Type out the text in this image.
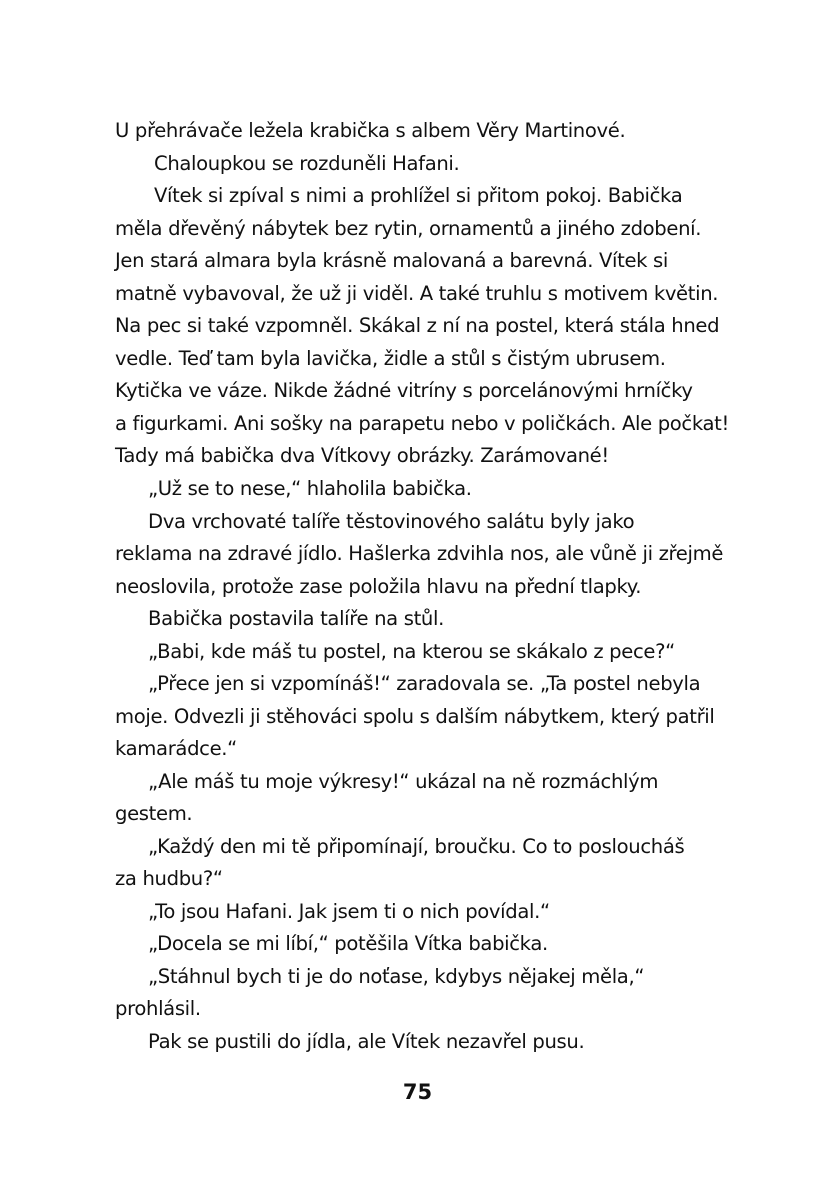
U přehrávače ležela krabička s albem Věry Martinové.
Chaloupkou se rozduněli Hafani.
Vítek si zpíval s nimi a prohlížel si přitom pokoj. Babička
měla dřevěný nábytek bez rytin, ornamentů a jiného zdobení.
Jen stará almara byla krásně malovaná a barevná. Vítek si
matně vybavoval, že už ji viděl. A také truhlu s motivem květin.
Na pec si také vzpomněl. Skákal z ní na postel, která stála hned
vedle. Teď tam byla lavička, židle a stůl s čistým ubrusem.
Kytička ve váze. Nikde žádné vitríny s porcelánovými hrníčky
a figurkami. Ani sošky na parapetu nebo v poličkách. Ale počkat!
Tady má babička dva Vítkovy obrázky. Zarámované!
„Už se to nese,“ hlaholila babička.
Dva vrchovaté talíře těstovinového salátu byly jako
reklama na zdravé jídlo. Hašlerka zdvihla nos, ale vůně ji zřejmě
neoslovila, protože zase položila hlavu na přední tlapky.
Babička postavila talíře na stůl.
„Babi, kde máš tu postel, na kterou se skákalo z pece?“
„Přece jen si vzpomínáš!“ zaradovala se. „Ta postel nebyla
moje. Odvezli ji stěhováci spolu s dalším nábytkem, který patřil
kamarádce.“
„Ale máš tu moje výkresy!“ ukázal na ně rozmáchlým
gestem.
„Každý den mi tě připomínají, broučku. Co to posloucháš
za hudbu?“
„To jsou Hafani. Jak jsem ti o nich povídal.“
„Docela se mi líbí,“ potěšila Vítka babička.
„Stáhnul bych ti je do noťase, kdybys nějakej měla,“
prohlásil.
Pak se pustili do jídla, ale Vítek nezavřel pusu.
75
